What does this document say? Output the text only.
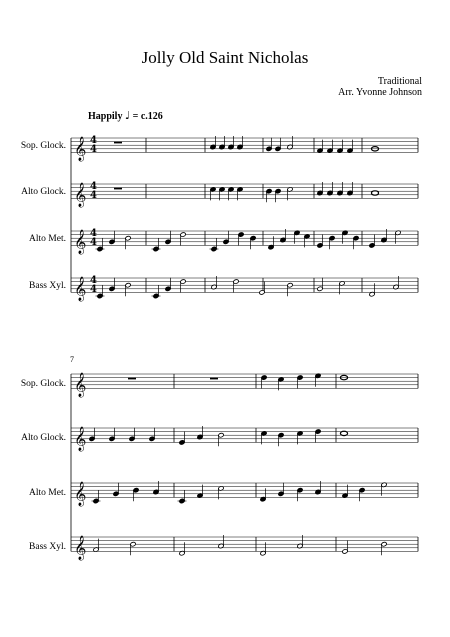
Jolly Old Saint Nicholas
Traditional
Arr. Yvonne Johnson
Happily ♩ = c.126
7
Sop. Glock.
Alto Glock.
Alto Met.
Bass Xyl.
Sop. Glock.
Alto Glock.
Alto Met.
Bass Xyl.
𝄞
𝄞
𝄞
𝄞
𝄞
𝄞
𝄞
𝄞
4
4
4
4
4
4
4
4
